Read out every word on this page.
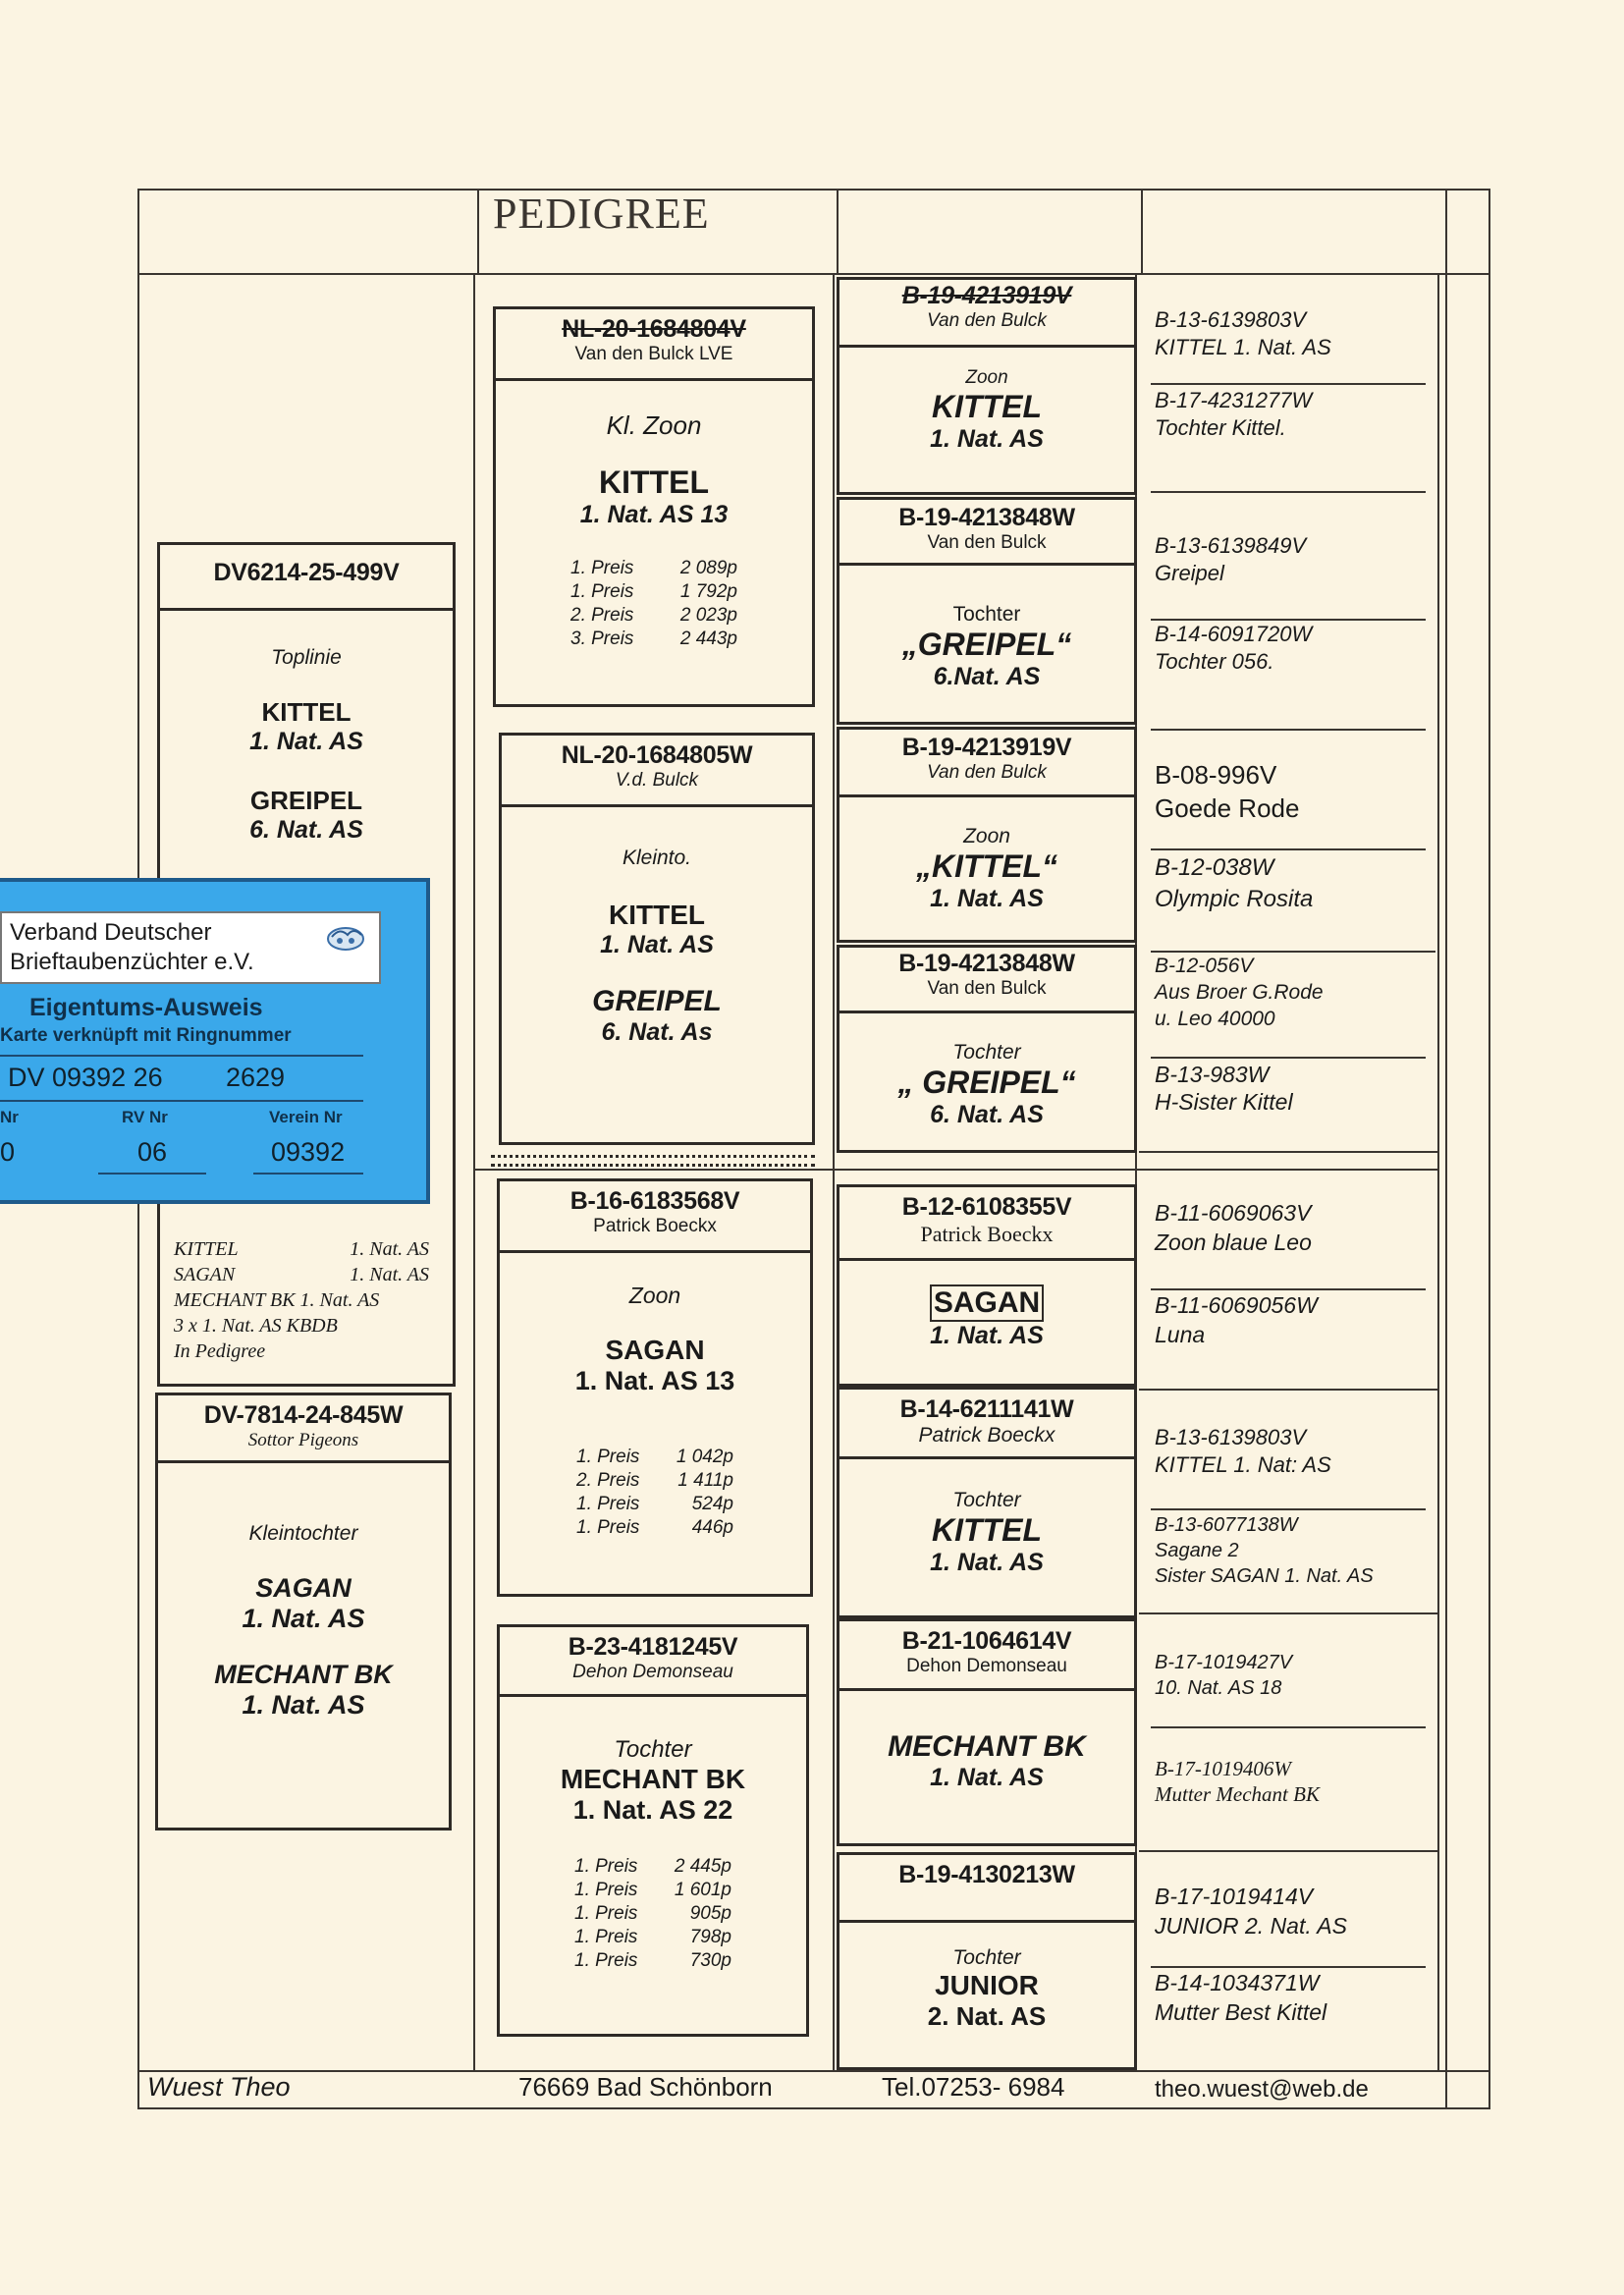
PEDIGREE
DV6214-25-499V
Toplinie
KITTEL
1. Nat. AS
GREIPEL
6. Nat. AS
KITTEL	1. Nat. AS
SAGAN	1. Nat. AS
MECHANT BK
1. Nat. AS
3 x 1. Nat. AS KBDB
In Pedigree
DV-7814-24-845W
Sottor Pigeons
Kleintochter
SAGAN
1. Nat. AS
MECHANT BK
1. Nat. AS
NL-20-1684804V
Van den Bulck LVE
Kl. Zoon
KITTEL
1. Nat. AS 13
1. Preis 2 089p
1. Preis 1 792p
2. Preis 2 023p
3. Preis 2 443p
NL-20-1684805W
V.d. Bulck
Kleinto.
KITTEL
1. Nat. AS
GREIPEL
6. Nat. As
B-16-6183568V
Patrick Boeckx
Zoon
SAGAN
1. Nat. AS 13
1. Preis 1 042p
2. Preis 1 411p
1. Preis	524p
1. Preis	446p
B-23-4181245V
Dehon Demonseau
Tochter
MECHANT BK
1. Nat. AS 22
1. Preis 2 445p
1. Preis 1 601p
1. Preis	905p
1. Preis	798p
1. Preis	730p
B-19-4213919V
Van den Bulck
Zoon
KITTEL
1. Nat. AS
B-19-4213848W
Van den Bulck
Tochter
„GREIPEL“
6.Nat. AS
B-19-4213919V
Van den Bulck
Zoon
„KITTEL“
1. Nat. AS
B-19-4213848W
Van den Bulck
Tochter
„ GREIPEL“
6. Nat. AS
B-12-6108355V
Patrick Boeckx
SAGAN
1. Nat. AS
B-14-6211141W
Patrick Boeckx
Tochter
KITTEL
1. Nat. AS
B-21-1064614V
Dehon Demonseau
MECHANT BK
1. Nat. AS
B-19-4130213W
Tochter
JUNIOR
2. Nat. AS
B-13-6139803V
KITTEL 1. Nat. AS
B-17-4231277W
Tochter Kittel.
B-13-6139849V
Greipel
B-14-6091720W
Tochter 056.
B-08-996V
Goede Rode
B-12-038W
Olympic Rosita
B-12-056V
Aus Broer G.Rode
u. Leo 40000
B-13-983W
H-Sister Kittel
B-11-6069063V
Zoon blaue Leo
B-11-6069056W
Luna
B-13-6139803V
KITTEL 1. Nat: AS
B-13-6077138W
Sagane 2
Sister SAGAN 1. Nat. AS
B-17-1019427V
10. Nat. AS 18
B-17-1019406W
Mutter Mechant BK
B-17-1019414V
JUNIOR 2. Nat. AS
B-14-1034371W
Mutter Best Kittel
Wuest Theo	76669 Bad Schönborn	Tel.07253- 6984	theo.wuest@web.de
Verband Deutscher
Brieftaubenzüchter e.V.
Eigentums-Ausweis
Karte verknüpft mit Ringnummer
DV 09392 26 2629
Nr	RV Nr	Verein Nr
0	06	09392
